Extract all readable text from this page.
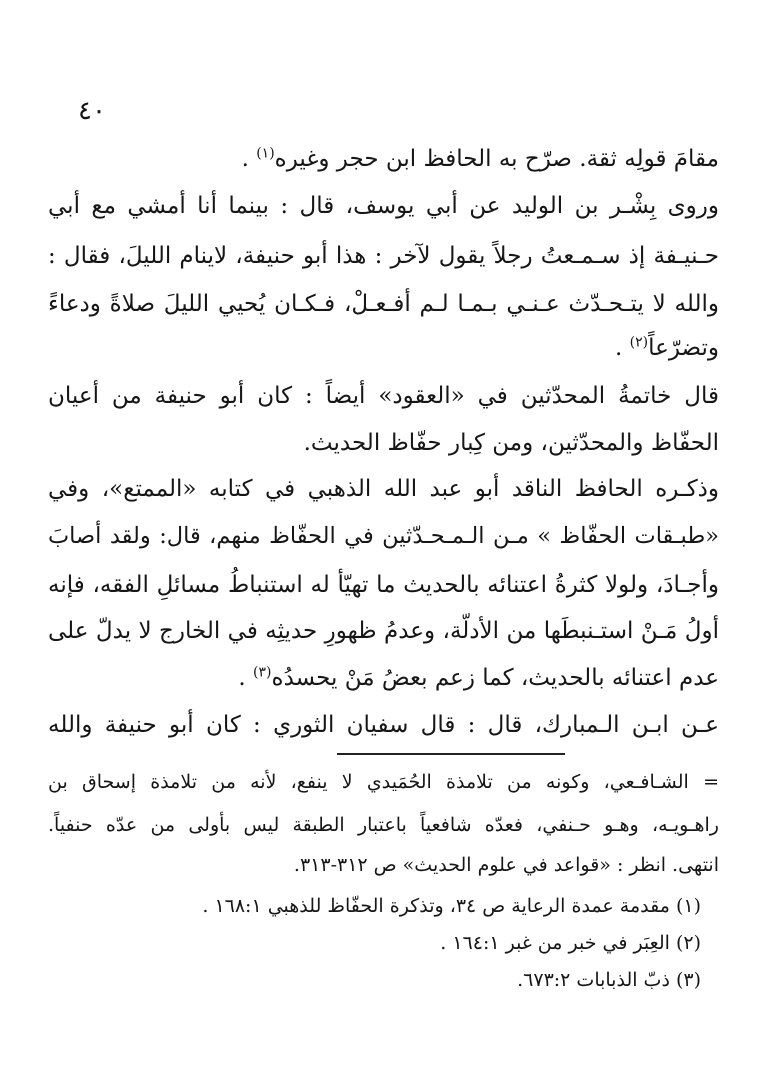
٤٠
مقامَ قولِه ثقة. صرّح به الحافظ ابن حجر وغيره$^{(١)}$ .
وروى بِشْـر بن الوليد عن أبي يوسف، قال : بينما أنا أمشي مع أبي
حـنيـفة إذ سـمـعتُ رجلاً يقول لآخر : هذا أبو حنيفة، لاينام الليلَ، فقال :
والله لا يتـحـدّث عـنـي بـمـا لـم أفـعـلْ، فـكـان يُحيي الليلَ صلاةً ودعاءً
وتضرّعاً$^{(٢)}$ .
قال خاتمةُ المحدّثين في «العقود» أيضاً : كان أبو حنيفة من أعيان
الحفّاظ والمحدّثين، ومن كِبار حفّاظ الحديث.
وذكـره الحافظ الناقد أبو عبد الله الذهبي في كتابه «الممتع»، وفي
«طبـقات الحفّاظ » مـن الـمـحـدّثين في الحفّاظ منهم، قال: ولقد أصابَ
وأجـادَ، ولولا كثرةُ اعتنائه بالحديث ما تهيّأ له استنباطُ مسائلِ الفقه، فإنه
أولُ مَـنْ استـنبطَها من الأدلّة، وعدمُ ظهورِ حديثِه في الخارج لا يدلّ على
عدم اعتنائه بالحديث، كما زعم بعضُ مَنْ يحسدُه$^{(٣)}$ .
عـن ابـن الـمبارك، قال : قال سفيان الثوري : كان أبو حنيفة والله
= الشـافـعي، وكونه من تلامذة الحُمَيدي لا ينفع، لأنه من تلامذة إسحاق بن
راهـويـه، وهـو حـنفي، فعدّه شافعياً باعتبار الطبقة ليس بأولى من عدّه حنفياً.
انتهى. انظر : «قواعد في علوم الحديث» ص ٣١٢-٣١٣.
(١) مقدمة عمدة الرعاية ص ٣٤، وتذكرة الحفّاظ للذهبي ١٦٨:١ .
(٢) العِبَر في خبر من غبر ١٦٤:١ .
(٣) ذبّ الذبابات ٦٧٣:٢.
